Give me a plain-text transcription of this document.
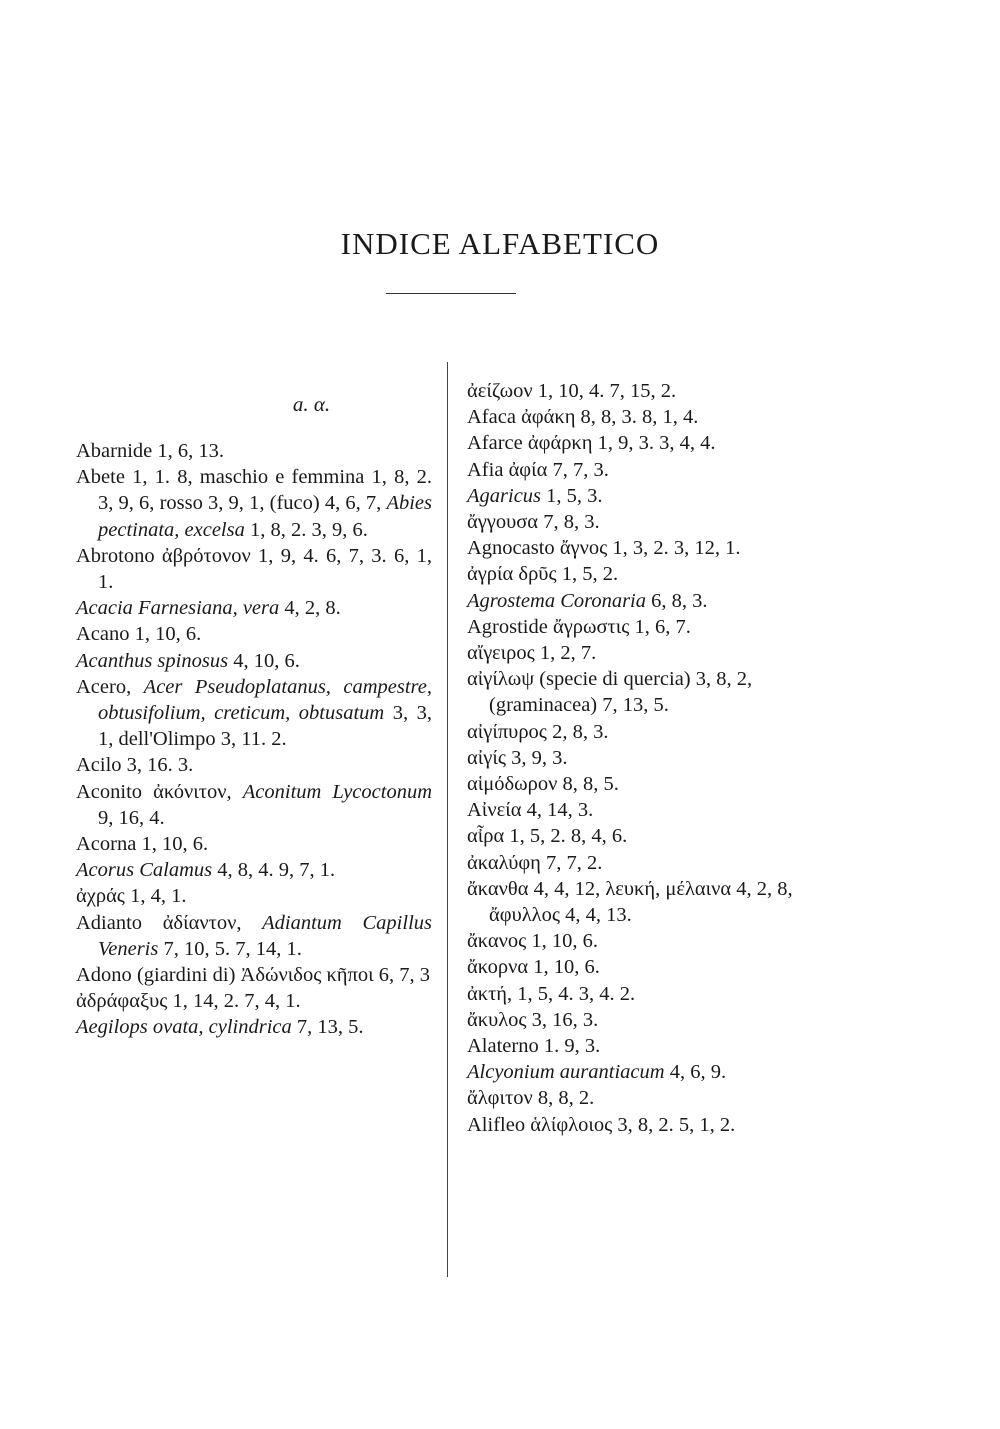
INDICE ALFABETICO
a. α.
Abarnide 1, 6, 13.
Abete 1, 1. 8, maschio e femmina 1, 8, 2. 3, 9, 6, rosso 3, 9, 1, (fuco) 4, 6, 7, Abies pectinata, excelsa 1, 8, 2. 3, 9, 6.
Abrotono ἀβρότονον 1, 9, 4. 6, 7, 3. 6, 1, 1.
Acacia Farnesiana, vera 4, 2, 8.
Acano 1, 10, 6.
Acanthus spinosus 4, 10, 6.
Acero, Acer Pseudoplatanus, campestre, obtusifolium, creticum, obtusatum 3, 3, 1, dell'Olimpo 3, 11. 2.
Acilo 3, 16. 3.
Aconito ἀκόνιτον, Aconitum Lycoctonum 9, 16, 4.
Acorna 1, 10, 6.
Acorus Calamus 4, 8, 4. 9, 7, 1.
ἀχράς 1, 4, 1.
Adianto ἀδίαντον, Adiantum Capillus Veneris 7, 10, 5. 7, 14, 1.
Adono (giardini di) Ἀδώνιδος κῆποι 6, 7, 3
ἀδράφαξυς 1, 14, 2. 7, 4, 1.
Aegilops ovata, cylindrica 7, 13, 5.
ἀείζωον 1, 10, 4. 7, 15, 2.
Afaca ἀφάκη 8, 8, 3. 8, 1, 4.
Afarce ἀφάρκη 1, 9, 3. 3, 4, 4.
Afia ἀφία 7, 7, 3.
Agaricus 1, 5, 3.
ἄγγουσα 7, 8, 3.
Agnocasto ἄγνος 1, 3, 2. 3, 12, 1.
ἀγρία δρῦς 1, 5, 2.
Agrostema Coronaria 6, 8, 3.
Agrostide ἄγρωστις 1, 6, 7.
αἴγειρος 1, 2, 7.
αἰγίλωψ (specie di quercia) 3, 8, 2, (graminacea) 7, 13, 5.
αἰγίπυρος 2, 8, 3.
αἰγίς 3, 9, 3.
αἱμόδωρον 8, 8, 5.
Αἰνεία 4, 14, 3.
αἶρα 1, 5, 2. 8, 4, 6.
ἀκαλύφη 7, 7, 2.
ἄκανθα 4, 4, 12, λευκή, μέλαινα 4, 2, 8, ἄφυλλος 4, 4, 13.
ἄκανος 1, 10, 6.
ἄκορνα 1, 10, 6.
ἀκτή, 1, 5, 4. 3, 4. 2.
ἄκυλος 3, 16, 3.
Alaterno 1. 9, 3.
Alcyonium aurantiacum 4, 6, 9.
ἄλφιτον 8, 8, 2.
Alifleo ἁλίφλοιος 3, 8, 2. 5, 1, 2.
